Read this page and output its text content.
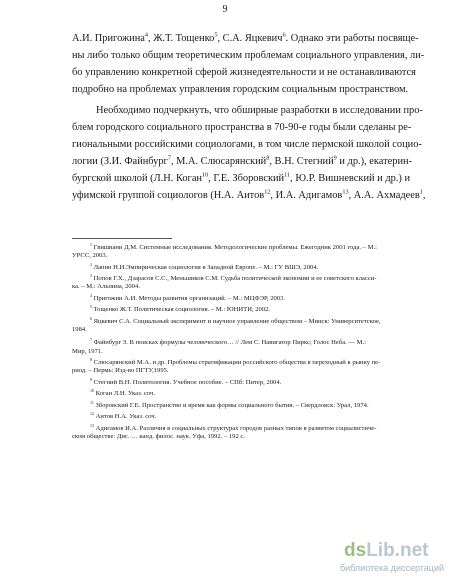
9
А.И. Пригожина$^4$, Ж.Т. Тощенко$^5$, С.А. Яцкевич$^6$. Однако эти работы посвяще-
ны либо только общим теоретическим проблемам социального управления, ли-
бо управлению конкретной сферой жизнедеятельности и не останавливаются
подробно на проблемах управления городским социальным пространством.
Необходимо подчеркнуть, что обширные разработки в исследовании про-
блем городского социального пространства в 70-90-е годы были сделаны ре-
гиональными российскими социологами, в том числе пермской школой социо-
логии (З.И. Файнбург$^7$, М.А. Слюсарянский$^8$, В.Н. Стегний$^9$ и др.), екатерин-
бургской школой (Л.Н. Коган$^{10}$, Г.Е. Зборовский$^{11}$, Ю.Р. Вишневский и др.) и
уфимской группой социологов (Н.А. Аитов$^{12}$, И.А. Адигамов$^{13}$, А.А. Ахмадеев$^1$,
$^1$ Гвишиани Д.М. Системные исследования. Методологические проблемы. Ежегодник 2001 года. – М.:
УРСС, 2003.
$^2$ Лапин Н.И.Эмпирическая социология в Западной Европе. – М.: ГУ ВШЭ, 2004.
$^3$ Попов Г.Х., Дзарасов С.С., Меньшиков С.М. Судьба политической экономии и ее советского класси-
ка. – М.: Альпина, 2004.
$^4$ Пригожин А.И. Методы развития организаций. – М.: МЦФЭР, 2003.
$^5$ Тощенко Ж.Т. Политическая социология. – М.: ЮНИТИ, 2002.
$^6$ Яцкевич С.А. Социальный эксперимент и научное управление обществом – Минск: Университетское,
1984.
$^7$ Файнбург З. В поисках формулы человеческого… // Лем С. Навигатор Пиркс; Голос Неба. — М.:
Мир, 1971.
$^8$ Слюсарянский М.А. и др. Проблемы стратификации российского общества в переходный к рынку пе-
риод. – Пермь: Изд-во ПГТУ,1995.
$^9$ Стегний В.Н. Политология. Учебное пособие. – СПб: Питер, 2004.
$^{10}$ Коган Л.Н. Указ. соч.
$^{11}$ Зборовский Г.Е. Пространство и время как формы социального бытия. – Свердловск: Урал, 1974.
$^{12}$ Аитов Н.А. Указ. соч.
$^{13}$ Адигамов И.А. Различия в социальных структурах городов разных типов в развитом социалистиче-
ском обществе: Дис. … канд. филос. наук. Уфа, 1992. – 192 с.
dsLib.net
библиотека диссертаций
